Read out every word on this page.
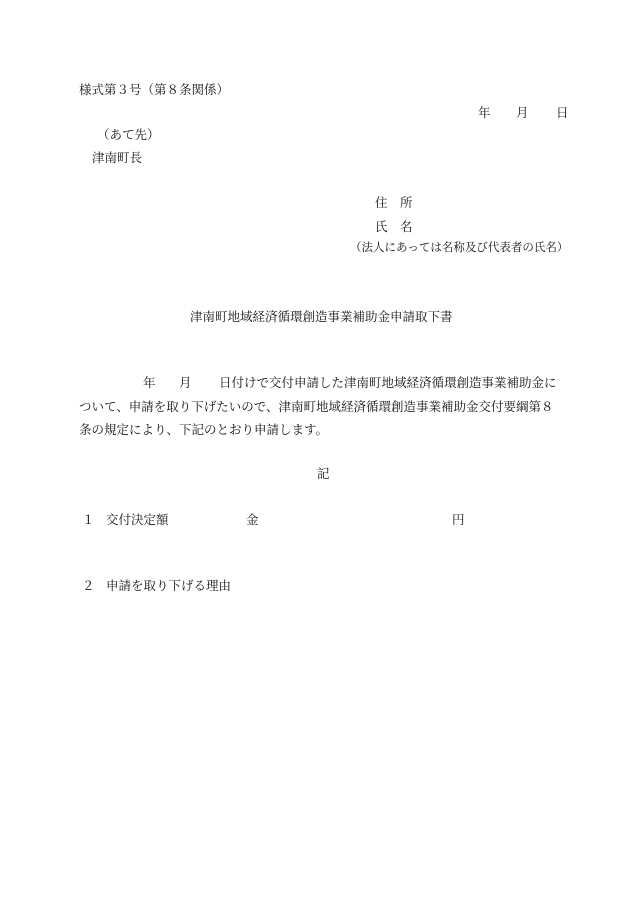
様式第３号（第８条関係）
年 月 日
（あて先）
津南町長
住　所
氏　名
（法人にあっては名称及び代表者の氏名）
津南町地域経済循環創造事業補助金申請取下書
年 月 日付けで交付申請した津南町地域経済循環創造事業補助金に
ついて、申請を取り下げたいので、津南町地域経済循環創造事業補助金交付要綱第８
条の規定により、下記のとおり申請します。
記
１ 交付決定額	金	円
２ 申請を取り下げる理由
